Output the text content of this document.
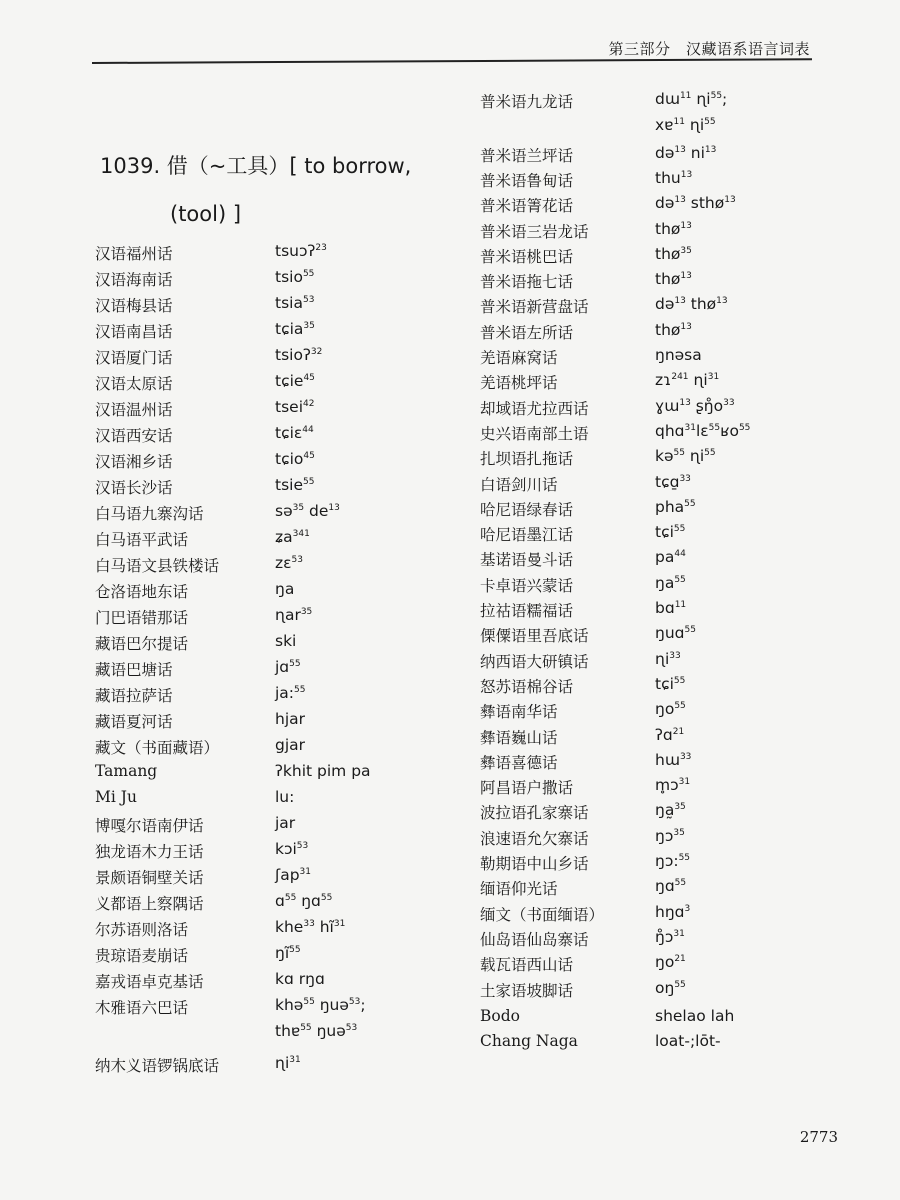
第三部分　汉藏语系语言词表
1039. 借（~工具）[ to borrow,
(tool) ]
汉语福州话	tsuɔʔ$^{23}$
汉语海南话	tsio$^{55}$
汉语梅县话	tsia$^{53}$
汉语南昌话	tɕia$^{35}$
汉语厦门话	tsioʔ$^{32}$
汉语太原话	tɕie$^{45}$
汉语温州话	tsei$^{42}$
汉语西安话	tɕiɛ$^{44}$
汉语湘乡话	tɕio$^{45}$
汉语长沙话	tsie$^{55}$
白马语九寨沟话	sə$^{35}$ $de^{13}$
白马语平武话	ʑa$^{341}$
白马语文县铁楼话	zɛ$^{53}$
仓洛语地东话	ŋa
门巴语错那话	ɳar$^{35}$
藏语巴尔提话	ski
藏语巴塘话	jɑ$^{55}$
藏语拉萨话	ja:$^{55}$
藏语夏河话	hjar
藏文（书面藏语）	gjar
Tamang	ʔkhit pim pa
Mi Ju	lu:
博嘎尔语南伊话	jar
独龙语木力王话	kɔi$^{53}$
景颇语铜壁关话	ʃap$^{31}$
义都语上察隅话	ɑ$^{55}$ ŋɑ$^{55}$
尔苏语则洛话	khe$^{33}$ $hĩ^{31}$
贵琼语麦崩话	$ŋĩ^{55}$
嘉戎语卓克基话	kɑ rŋɑ
木雅语六巴话	khə$^{55}$ ŋuə$^{53}$;
thɐ$^{55}$ ŋuə$^{53}$
纳木义语锣锅底话	ɳi$^{31}$
普米语九龙话	dɯ$^{11}$ ɳi$^{55}$;
xɐ$^{11}$ ɳi$^{55}$
普米语兰坪话	də$^{13}$ $ni^{13}$
普米语鲁甸话	thu$^{13}$
普米语箐花话	də$^{13}$ sthø$^{13}$
普米语三岩龙话	thø$^{13}$
普米语桃巴话	thø$^{35}$
普米语拖七话	thø$^{13}$
普米语新营盘话	də$^{13}$ thø$^{13}$
普米语左所话	thø$^{13}$
羌语麻窝话	ŋnəsa
羌语桃坪话	zɿ$^{241}$ ɳi$^{31}$
却域语尤拉西话	ɣɯ$^{13}$ $ʂŋ̊o^{33}$
史兴语南部土语	qhɑ$^{31}$lɛ$^{55}$ʁo$^{55}$
扎坝语扎拖话	kə$^{55}$ ɳi$^{55}$
白语剑川话	tɕɑ̱$^{33}$
哈尼语绿春话	pha$^{55}$
哈尼语墨江话	tɕi$^{55}$
基诺语曼斗话	$pa^{44}$
卡卓语兴蒙话	$ŋa^{55}$
拉祜语糯福话	bɑ$^{11}$
傈僳语里吾底话	ŋuɑ$^{55}$
纳西语大研镇话	ɳi$^{33}$
怒苏语棉谷话	tɕi$^{55}$
彝语南华话	$ŋo^{55}$
彝语巍山话	ʔɑ$^{21}$
彝语喜德话	hɯ$^{33}$
阿昌语户撒话	m̥ɔ$^{31}$
波拉语孔家寨话	ŋa̰$^{35}$
浪速语允欠寨话	ŋɔ$^{35}$
勒期语中山乡话	ŋɔ:$^{55}$
缅语仰光话	ŋɑ$^{55}$
缅文（书面缅语）	hŋɑ$^3$
仙岛语仙岛寨话	ŋ̊ɔ$^{31}$
载瓦语西山话	$ŋo^{21}$
土家语坡脚话	$oŋ^{55}$
Bodo	shelao lah
Chang Naga	loat-;lōt-
2773
